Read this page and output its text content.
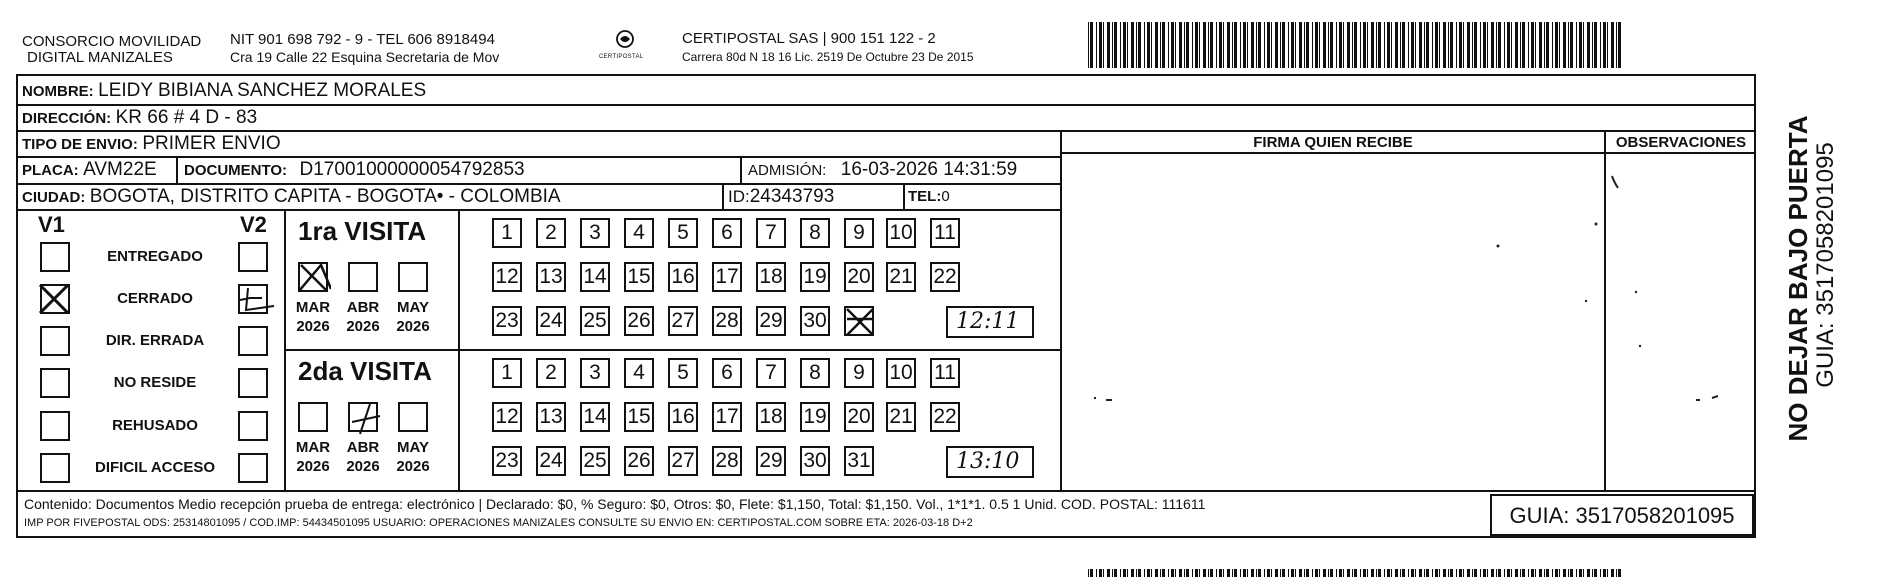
CONSORCIO MOVILIDAD
DIGITAL MANIZALES
NIT 901 698 792 - 9 - TEL 606 8918494
Cra 19 Calle 22 Esquina Secretaria de Mov	CERTIPOSTAL
CERTIPOSTAL SAS | 900 151 122 - 2
Carrera 80d N 18 16 Lic. 2519 De Octubre 23 De 2015
NOMBRE: LEIDY BIBIANA SANCHEZ MORALES
DIRECCIÓN: KR 66 # 4 D - 83
TIPO DE ENVIO: PRIMER ENVIO
PLACA: AVM22E DOCUMENTO: D17001000000054792853	ADMISIÓN: 16-03-2026 14:31:59
CIUDAD: BOGOTA, DISTRITO CAPITA - BOGOTA• - COLOMBIA	ID:24343793	TEL:0
FIRMA QUIEN RECIBE	OBSERVACIONES
V1	V2
ENTREGADO
CERRADO
DIR. ERRADA
NO RESIDE
REHUSADO
DIFICIL ACCESO
1ra VISITA
MAR
2026
ABR
2026
MAY
2026
1	2	3	4	5	6	7	8	9	10 11
12 13 14 15 16 17 18 19 20 21 22
23 24 25 26 27 28 29 30	12:11
2da VISITA
MAR
2026
ABR
2026
MAY
2026
1	2	3	4	5	6	7	8	9	10 11
12 13 14 15 16 17 18 19 20 21 22
23 24 25 26 27 28 29 30 31	13:10
Contenido: Documentos Medio recepción prueba de entrega: electrónico | Declarado: $0, % Seguro: $0, Otros: $0, Flete: $1,150, Total: $1,150. Vol., 1*1*1. 0.5 1 Unid. COD. POSTAL: 111611
IMP POR FIVEPOSTAL ODS: 25314801095 / COD.IMP: 54434501095 USUARIO: OPERACIONES MANIZALES CONSULTE SU ENVIO EN: CERTIPOSTAL.COM SOBRE ETA: 2026-03-18 D+2	GUIA: 3517058201095
NO DEJAR BAJO PUERTA GUIA: 3517058201095
